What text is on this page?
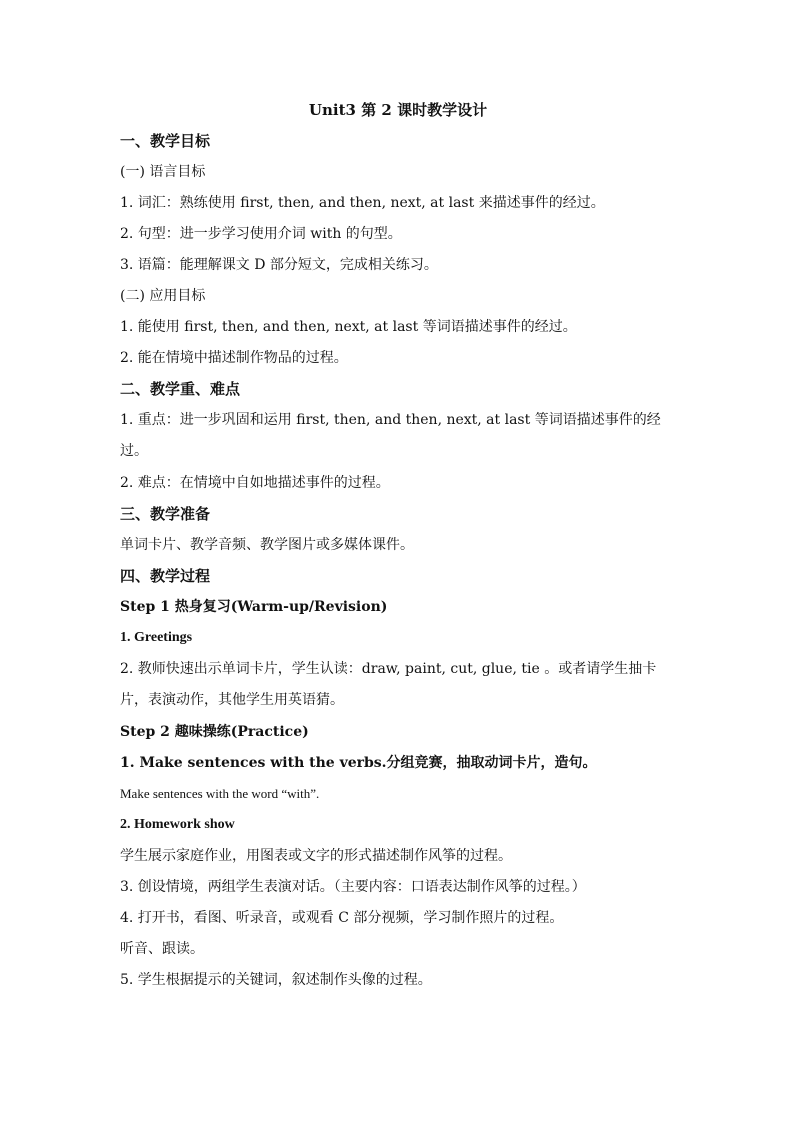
Unit3 第 2 课时教学设计
一、教学目标
(一) 语言目标
1. 词汇：熟练使用 first, then, and then, next, at last 来描述事件的经过。
2. 句型：进一步学习使用介词 with 的句型。
3. 语篇：能理解课文 D 部分短文，完成相关练习。
(二) 应用目标
1. 能使用 first, then, and then, next, at last 等词语描述事件的经过。
2. 能在情境中描述制作物品的过程。
二、教学重、难点
1. 重点：进一步巩固和运用 first, then, and then, next, at last 等词语描述事件的经过。
2. 难点：在情境中自如地描述事件的过程。
三、教学准备
单词卡片、教学音频、教学图片或多媒体课件。
四、教学过程
Step 1 热身复习(Warm-up/Revision)
1. Greetings
2. 教师快速出示单词卡片，学生认读：draw, paint, cut, glue, tie 。或者请学生抽卡片，表演动作，其他学生用英语猜。
Step 2 趣味操练(Practice)
1. Make sentences with the verbs.分组竞赛，抽取动词卡片，造句。
Make sentences with the word “with”.
2. Homework show
学生展示家庭作业，用图表或文字的形式描述制作风筝的过程。
3. 创设情境，两组学生表演对话。（主要内容：口语表达制作风筝的过程。）
4. 打开书，看图、听录音，或观看 C 部分视频，学习制作照片的过程。
听音、跟读。
5. 学生根据提示的关键词，叙述制作头像的过程。
